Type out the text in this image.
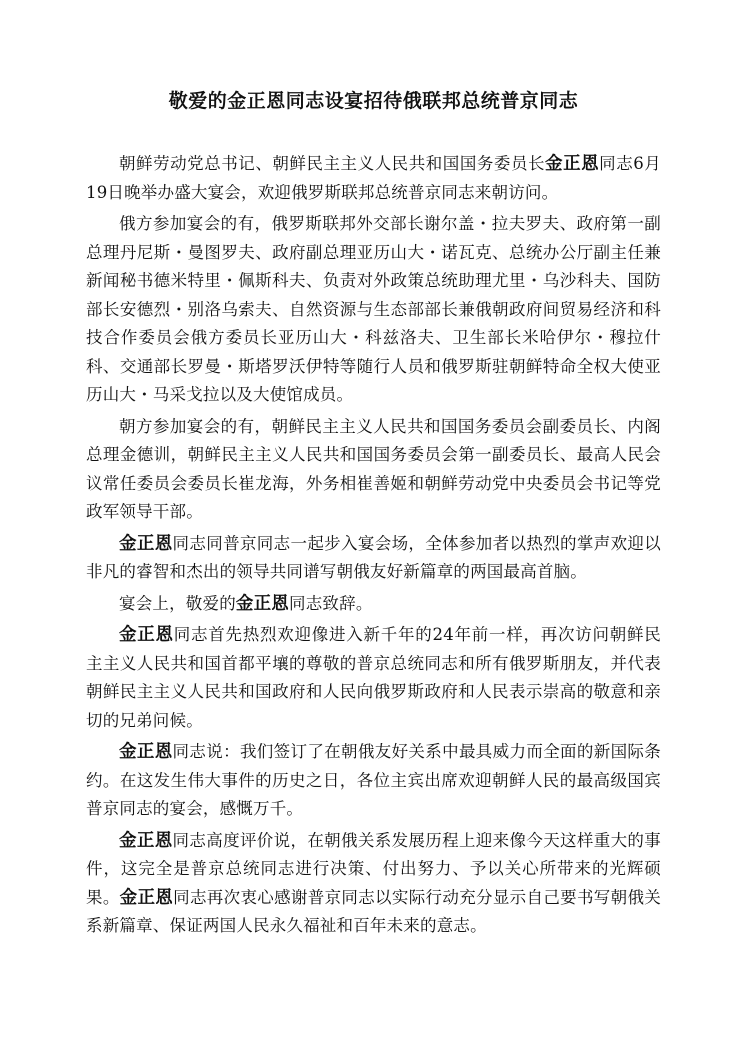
敬爱的金正恩同志设宴招待俄联邦总统普京同志

朝鲜劳动党总书记、朝鲜民主主义人民共和国国务委员长金正恩同志6月19日晚举办盛大宴会，欢迎俄罗斯联邦总统普京同志来朝访问。

俄方参加宴会的有，俄罗斯联邦外交部长谢尔盖・拉夫罗夫、政府第一副总理丹尼斯・曼图罗夫、政府副总理亚历山大・诺瓦克、总统办公厅副主任兼新闻秘书德米特里・佩斯科夫、负责对外政策总统助理尤里・乌沙科夫、国防部长安德烈・别洛乌索夫、自然资源与生态部部长兼俄朝政府间贸易经济和科技合作委员会俄方委员长亚历山大・科兹洛夫、卫生部长米哈伊尔・穆拉什科、交通部长罗曼・斯塔罗沃伊特等随行人员和俄罗斯驻朝鲜特命全权大使亚历山大・马采戈拉以及大使馆成员。

朝方参加宴会的有，朝鲜民主主义人民共和国国务委员会副委员长、内阁总理金德训，朝鲜民主主义人民共和国国务委员会第一副委员长、最高人民会议常任委员会委员长崔龙海，外务相崔善姬和朝鲜劳动党中央委员会书记等党政军领导干部。

金正恩同志同普京同志一起步入宴会场，全体参加者以热烈的掌声欢迎以非凡的睿智和杰出的领导共同谱写朝俄友好新篇章的两国最高首脑。

宴会上，敬爱的金正恩同志致辞。

金正恩同志首先热烈欢迎像进入新千年的24年前一样，再次访问朝鲜民主主义人民共和国首都平壤的尊敬的普京总统同志和所有俄罗斯朋友，并代表朝鲜民主主义人民共和国政府和人民向俄罗斯政府和人民表示崇高的敬意和亲切的兄弟问候。

金正恩同志说：我们签订了在朝俄友好关系中最具威力而全面的新国际条约。在这发生伟大事件的历史之日，各位主宾出席欢迎朝鲜人民的最高级国宾普京同志的宴会，感慨万千。

金正恩同志高度评价说，在朝俄关系发展历程上迎来像今天这样重大的事件，这完全是普京总统同志进行决策、付出努力、予以关心所带来的光辉硕果。金正恩同志再次衷心感谢普京同志以实际行动充分显示自己要书写朝俄关系新篇章、保证两国人民永久福祉和百年未来的意志。
